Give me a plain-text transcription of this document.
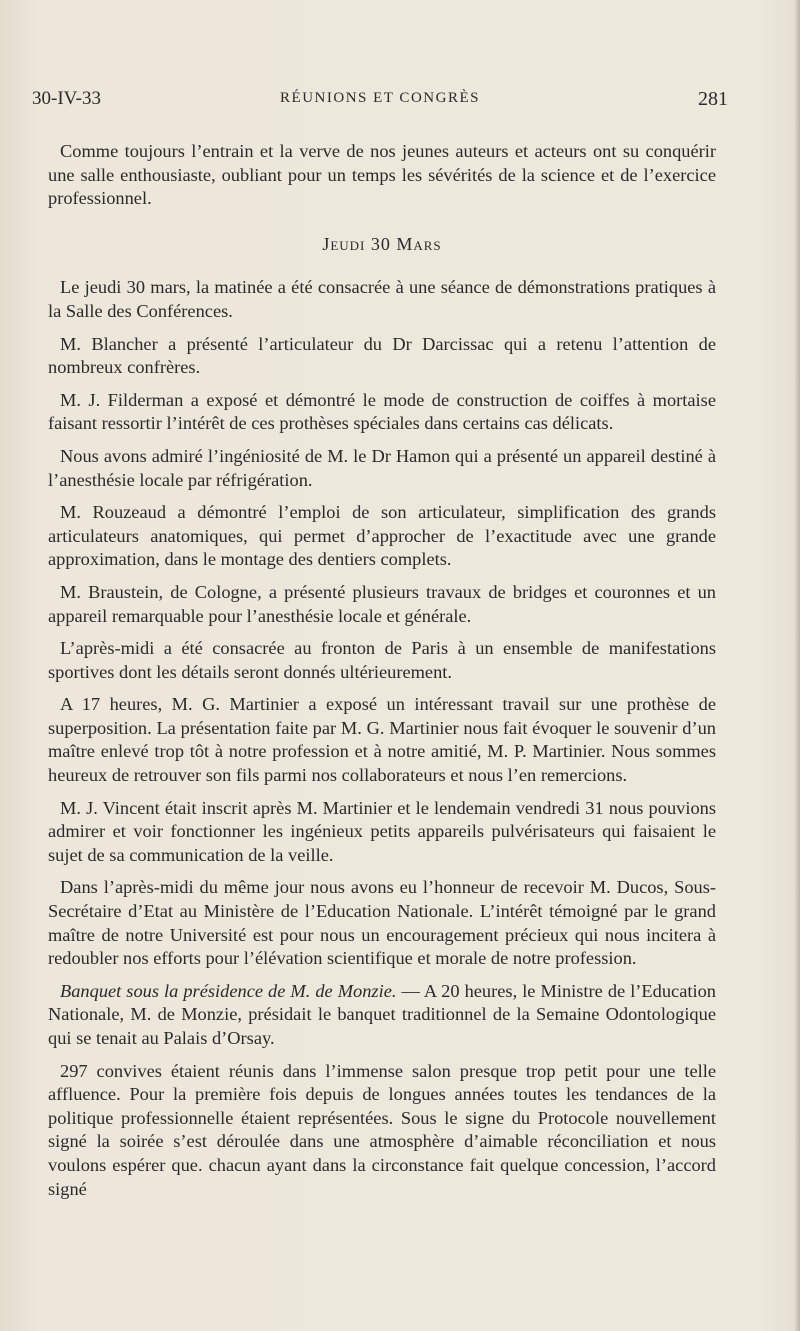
30-IV-33	RÉUNIONS ET CONGRÈS	281

Comme toujours l’entrain et la verve de nos jeunes auteurs et acteurs ont su conquérir une salle enthousiaste, oubliant pour un temps les sévérités de la science et de l’exercice professionnel.

Jeudi 30 Mars

Le jeudi 30 mars, la matinée a été consacrée à une séance de démonstrations pratiques à la Salle des Conférences.

M. Blancher a présenté l’articulateur du Dr Darcissac qui a retenu l’attention de nombreux confrères.

M. J. Filderman a exposé et démontré le mode de construction de coiffes à mortaise faisant ressortir l’intérêt de ces prothèses spéciales dans certains cas délicats.

Nous avons admiré l’ingéniosité de M. le Dr Hamon qui a présenté un appareil destiné à l’anesthésie locale par réfrigération.

M. Rouzeaud a démontré l’emploi de son articulateur, simplification des grands articulateurs anatomiques, qui permet d’approcher de l’exactitude avec une grande approximation, dans le montage des dentiers complets.

M. Braustein, de Cologne, a présenté plusieurs travaux de bridges et couronnes et un appareil remarquable pour l’anesthésie locale et générale.

L’après-midi a été consacrée au fronton de Paris à un ensemble de manifestations sportives dont les détails seront donnés ultérieurement.

A 17 heures, M. G. Martinier a exposé un intéressant travail sur une prothèse de superposition. La présentation faite par M. G. Martinier nous fait évoquer le souvenir d’un maître enlevé trop tôt à notre profession et à notre amitié, M. P. Martinier. Nous sommes heureux de retrouver son fils parmi nos collaborateurs et nous l’en remercions.

M. J. Vincent était inscrit après M. Martinier et le lendemain vendredi 31 nous pouvions admirer et voir fonctionner les ingénieux petits appareils pulvérisateurs qui faisaient le sujet de sa communication de la veille.

Dans l’après-midi du même jour nous avons eu l’honneur de recevoir M. Ducos, Sous-Secrétaire d’Etat au Ministère de l’Education Nationale. L’intérêt témoigné par le grand maître de notre Université est pour nous un encouragement précieux qui nous incitera à redoubler nos efforts pour l’élévation scientifique et morale de notre profession.

Banquet sous la présidence de M. de Monzie. — A 20 heures, le Ministre de l’Education Nationale, M. de Monzie, présidait le banquet traditionnel de la Semaine Odontologique qui se tenait au Palais d’Orsay.

297 convives étaient réunis dans l’immense salon presque trop petit pour une telle affluence. Pour la première fois depuis de longues années toutes les tendances de la politique professionnelle étaient représentées. Sous le signe du Protocole nouvellement signé la soirée s’est déroulée dans une atmosphère d’aimable réconciliation et nous voulons espérer que. chacun ayant dans la circonstance fait quelque concession, l’accord signé
